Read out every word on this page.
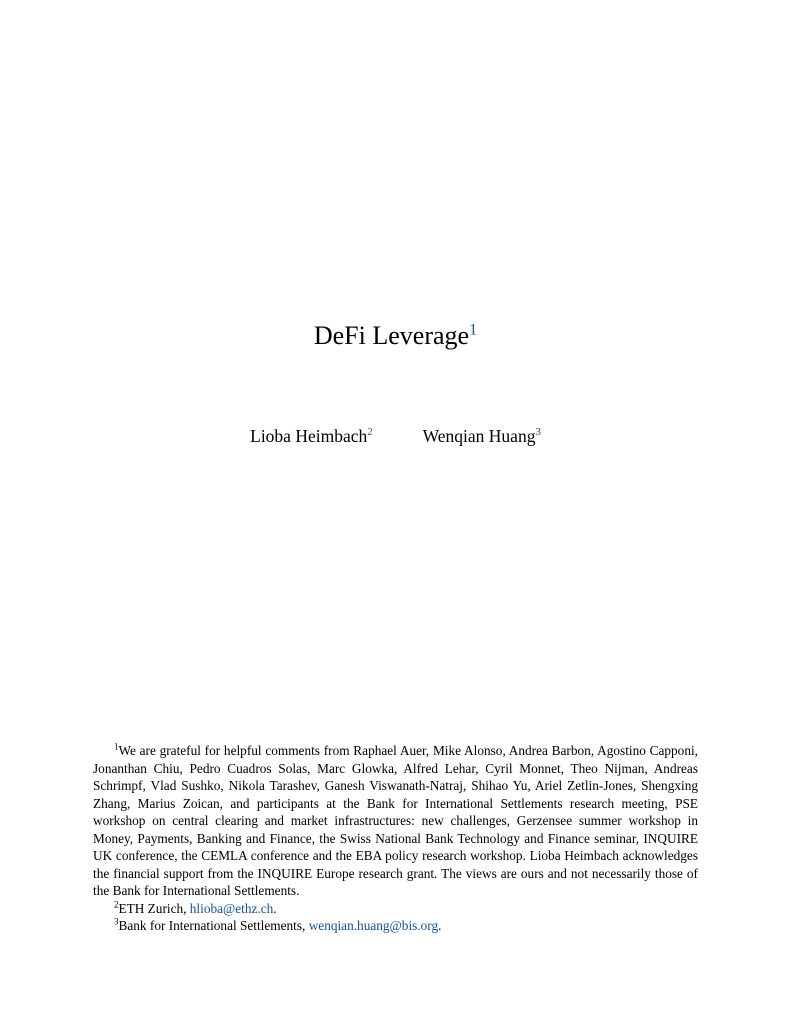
DeFi Leverage$^1$
Lioba Heimbach$^2$	Wenqian Huang$^3$

$^1$We are grateful for helpful comments from Raphael Auer, Mike Alonso, Andrea Barbon, Agostino Capponi, Jonanthan Chiu, Pedro Cuadros Solas, Marc Glowka, Alfred Lehar, Cyril Monnet, Theo Nijman, Andreas Schrimpf, Vlad Sushko, Nikola Tarashev, Ganesh Viswanath-Natraj, Shihao Yu, Ariel Zetlin-Jones, Shengxing Zhang, Marius Zoican, and participants at the Bank for International Settlements research meeting, PSE workshop on central clearing and market infrastructures: new challenges, Gerzensee summer workshop in Money, Payments, Banking and Finance, the Swiss National Bank Technology and Finance seminar, INQUIRE UK conference, the CEMLA conference and the EBA policy research workshop. Lioba Heimbach acknowledges the financial support from the INQUIRE Europe research grant. The views are ours and not necessarily those of the Bank for International Settlements.

$^2$ETH Zurich, hlioba@ethz.ch.

$^3$Bank for International Settlements, wenqian.huang@bis.org.
